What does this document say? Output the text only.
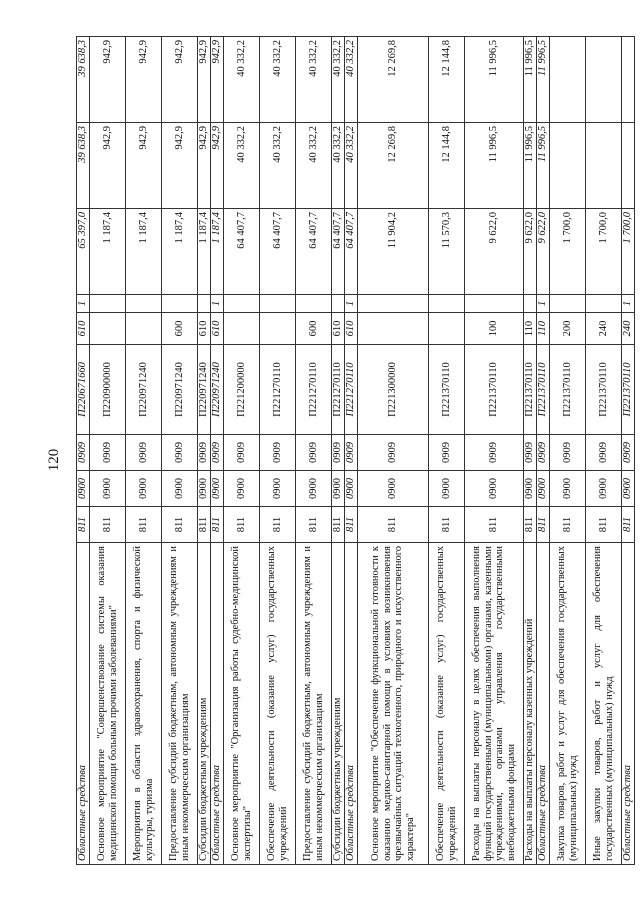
120
Областные средства	811	0900	0909	П220671660	610	1	65 397,0	39 638,3	39 638,3
Основное мероприятие "Совершенствование системы оказания медицинской помощи больным прочими заболеваниями"	811	0900	0909	П220900000			1 187,4	942,9	942,9
Мероприятия в области здравоохранения, спорта и физической культуры, туризма	811	0900	0909	П220971240			1 187,4	942,9	942,9
Предоставление субсидий бюджетным, автономным учреждениям и иным некоммерческим организациям	811	0900	0909	П220971240	600		1 187,4	942,9	942,9
Субсидии бюджетным учреждениям	811	0900	0909	П220971240	610		1 187,4	942,9	942,9
Областные средства	811	0900	0909	П220971240	610	1	1 187,4	942,9	942,9
Основное мероприятие "Организация работы судебно-медицинской экспертизы"	811	0900	0909	П221200000			64 407,7	40 332,2	40 332,2
Обеспечение деятельности (оказание услуг) государственных учреждений	811	0900	0909	П221270110			64 407,7	40 332,2	40 332,2
Предоставление субсидий бюджетным, автономным учреждениям и иным некоммерческим организациям	811	0900	0909	П221270110	600		64 407,7	40 332,2	40 332,2
Субсидии бюджетным учреждениям	811	0900	0909	П221270110	610		64 407,7	40 332,2	40 332,2
Областные средства	811	0900	0909	П221270110	610	1	64 407,7	40 332,2	40 332,2
Основное мероприятие "Обеспечение функциональной готовности к оказанию медико-санитарной помощи в условиях возникновения чрезвычайных ситуаций техногенного, природного и искусственного характера"	811	0900	0909	П221300000			11 904,2	12 269,8	12 269,8
Обеспечение деятельности (оказание услуг) государственных учреждений	811	0900	0909	П221370110			11 570,3	12 144,8	12 144,8
Расходы на выплаты персоналу в целях обеспечения выполнения функций государственными (муниципальными) органами, казенными учреждениями, органами управления государственными внебюджетными фондами	811	0900	0909	П221370110	100		9 622,0	11 996,5	11 996,5
Расходы на выплаты персоналу казенных учреждений	811	0900	0909	П221370110	110		9 622,0	11 996,5	11 996,5
Областные средства	811	0900	0909	П221370110	110	1	9 622,0	11 996,5	11 996,5
Закупка товаров, работ и услуг для обеспечения государственных (муниципальных) нужд	811	0900	0909	П221370110	200		1 700,0		
Иные закупки товаров, работ и услуг для обеспечения государственных (муниципальных) нужд	811	0900	0909	П221370110	240		1 700,0		
Областные средства	811	0900	0909	П221370110	240	1	1 700,0		
